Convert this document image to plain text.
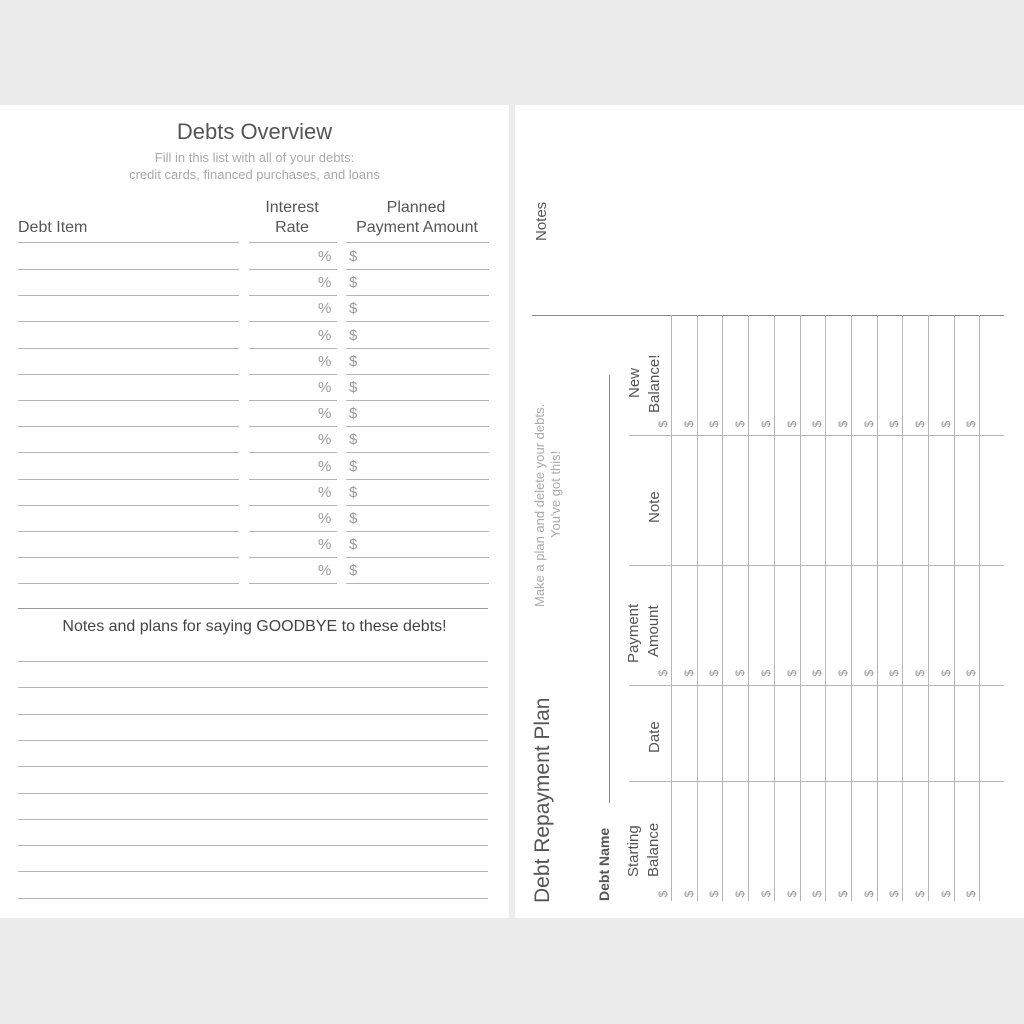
Debts Overview
Fill in this list with all of your debts:
credit cards, financed purchases, and loans
Debt Item
Interest
Rate
Planned
Payment Amount
% $
% $
% $
% $
% $
% $
% $
% $
% $
% $
% $
% $
% $
Notes and plans for saying GOODBYE to these debts!
Notes
Debt Repayment Plan
Make a plan and delete your debts. You've got this!
Debt Name
$ $ $ $ $ $ $ $ $ $ $ $ $
$ $ $ $ $ $ $ $ $ $ $ $ $
$ $ $ $ $ $ $ $ $ $ $ $ $
New Balance!
Note
Payment Amount
Date
Starting Balance
